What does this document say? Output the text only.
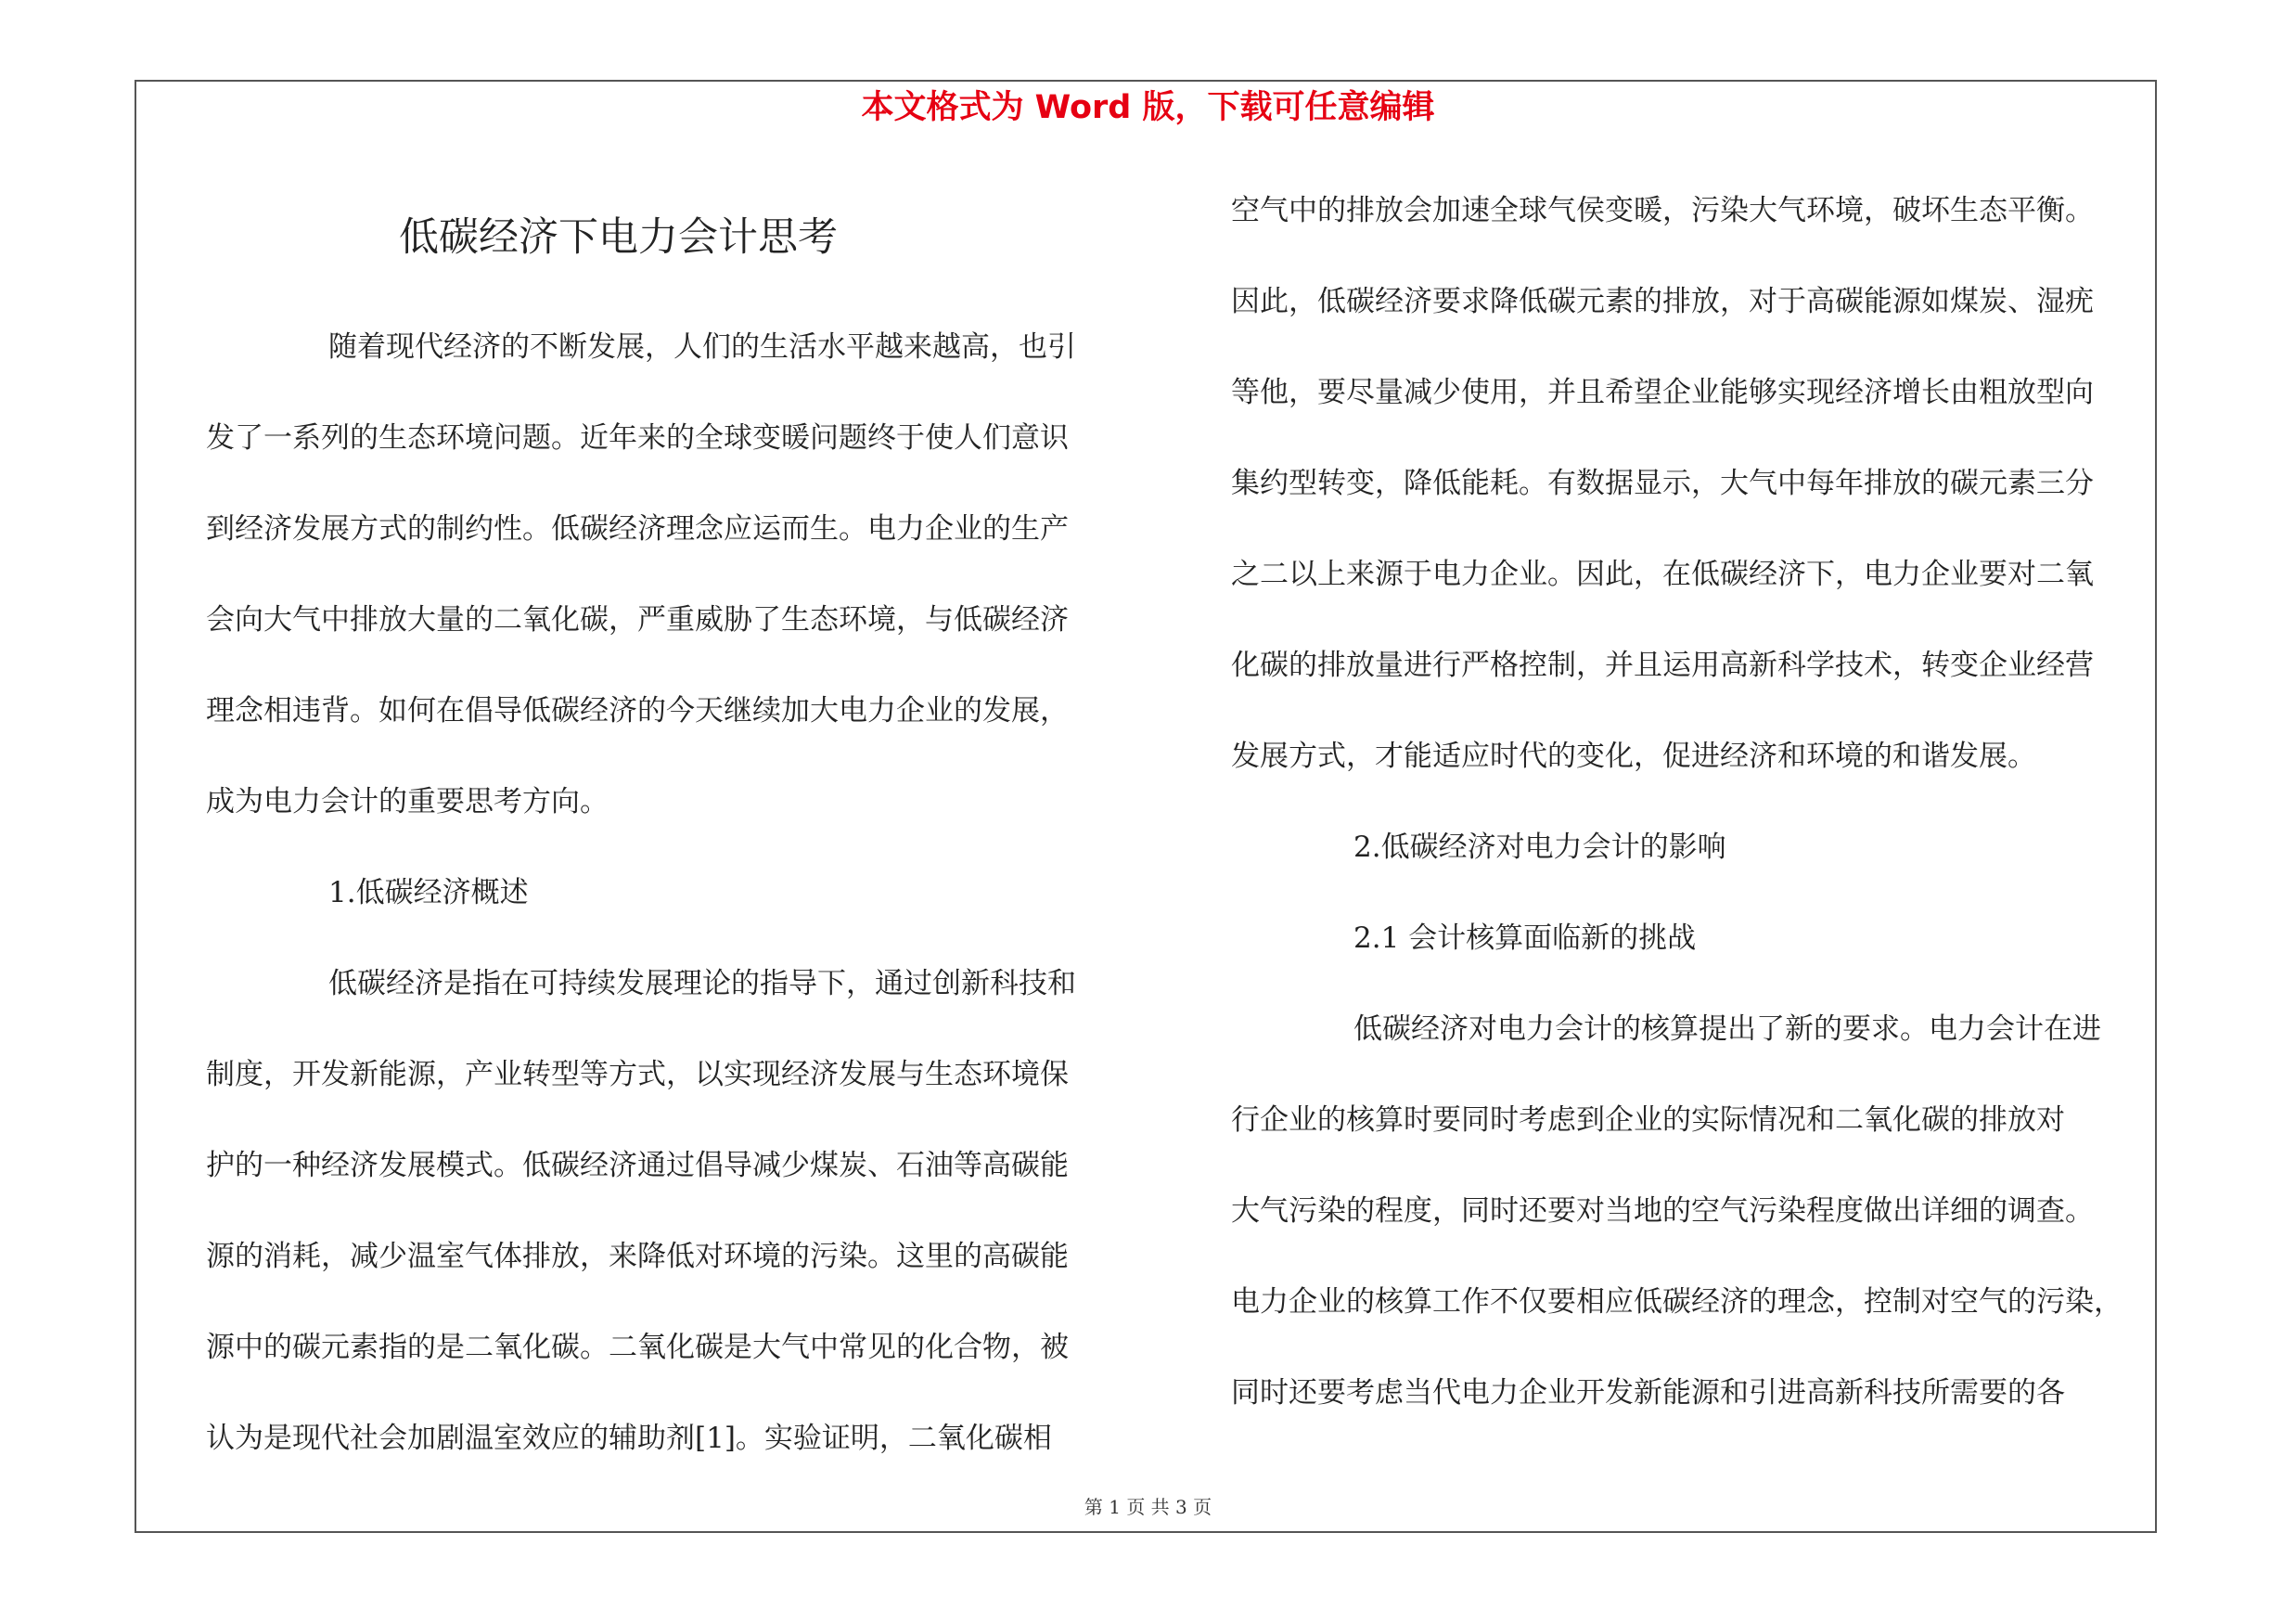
本文格式为 Word 版，下载可任意编辑
低碳经济下电力会计思考
随着现代经济的不断发展，人们的生活水平越来越高，也引
发了一系列的生态环境问题。近年来的全球变暖问题终于使人们意识
到经济发展方式的制约性。低碳经济理念应运而生。电力企业的生产
会向大气中排放大量的二氧化碳，严重威胁了生态环境，与低碳经济
理念相违背。如何在倡导低碳经济的今天继续加大电力企业的发展，
成为电力会计的重要思考方向。
1.低碳经济概述
低碳经济是指在可持续发展理论的指导下，通过创新科技和
制度，开发新能源，产业转型等方式，以实现经济发展与生态环境保
护的一种经济发展模式。低碳经济通过倡导减少煤炭、石油等高碳能
源的消耗，减少温室气体排放，来降低对环境的污染。这里的高碳能
源中的碳元素指的是二氧化碳。二氧化碳是大气中常见的化合物，被
认为是现代社会加剧温室效应的辅助剂[1]。实验证明，二氧化碳相
空气中的排放会加速全球气侯变暖，污染大气环境，破坏生态平衡。
因此，低碳经济要求降低碳元素的排放，对于高碳能源如煤炭、湿疣
等他，要尽量减少使用，并且希望企业能够实现经济增长由粗放型向
集约型转变，降低能耗。有数据显示，大气中每年排放的碳元素三分
之二以上来源于电力企业。因此，在低碳经济下，电力企业要对二氧
化碳的排放量进行严格控制，并且运用高新科学技术，转变企业经营
发展方式，才能适应时代的变化，促进经济和环境的和谐发展。
2.低碳经济对电力会计的影响
2.1 会计核算面临新的挑战
低碳经济对电力会计的核算提出了新的要求。电力会计在进
行企业的核算时要同时考虑到企业的实际情况和二氧化碳的排放对
大气污染的程度，同时还要对当地的空气污染程度做出详细的调查。
电力企业的核算工作不仅要相应低碳经济的理念，控制对空气的污染，
同时还要考虑当代电力企业开发新能源和引进高新科技所需要的各
第 1 页 共 3 页
